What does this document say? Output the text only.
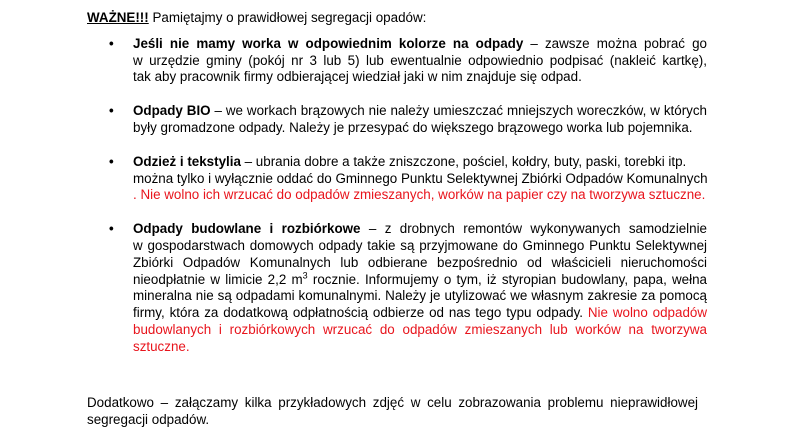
WAŻNE!!! Pamiętajmy o prawidłowej segregacji opadów:

• Jeśli nie mamy worka w odpowiednim kolorze na odpady – zawsze można pobrać go
w urzędzie gminy (pokój nr 3 lub 5) lub ewentualnie odpowiednio podpisać (nakleić kartkę),
tak aby pracownik firmy odbierającej wiedział jaki w nim znajduje się odpad.
• Odpady BIO – we workach brązowych nie należy umieszczać mniejszych woreczków, w których
były gromadzone odpady. Należy je przesypać do większego brązowego worka lub pojemnika.
• Odzież i tekstylia – ubrania dobre a także zniszczone, pościel, kołdry, buty, paski, torebki itp.
można tylko i wyłącznie oddać do Gminnego Punktu Selektywnej Zbiórki Odpadów Komunalnych
. Nie wolno ich wrzucać do odpadów zmieszanych, worków na papier czy na tworzywa sztuczne.
• Odpady budowlane i rozbiórkowe – z drobnych remontów wykonywanych samodzielnie
w gospodarstwach domowych odpady takie są przyjmowane do Gminnego Punktu Selektywnej
Zbiórki Odpadów Komunalnych lub odbierane bezpośrednio od właścicieli nieruchomości
nieodpłatnie w limicie 2,2 $m^3$ rocznie. Informujemy o tym, iż styropian budowlany, papa, wełna
mineralna nie są odpadami komunalnymi. Należy je utylizować we własnym zakresie za pomocą
firmy, która za dodatkową odpłatnością odbierze od nas tego typu odpady. Nie wolno odpadów
budowlanych i rozbiórkowych wrzucać do odpadów zmieszanych lub worków na tworzywa
sztuczne.
Dodatkowo – załączamy kilka przykładowych zdjęć w celu zobrazowania problemu nieprawidłowej
segregacji odpadów.
